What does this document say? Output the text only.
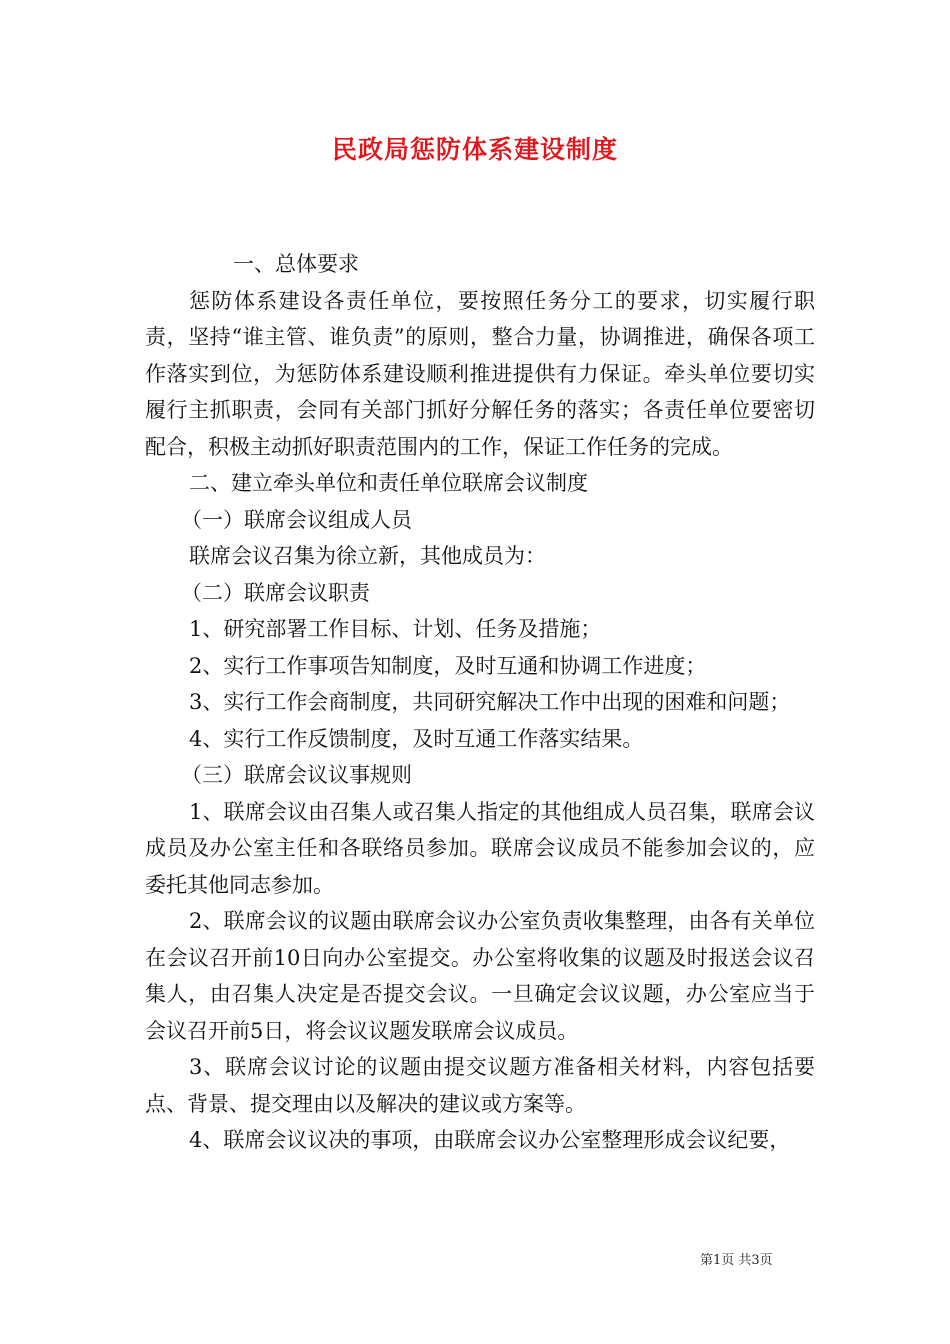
民政局惩防体系建设制度

一、总体要求

惩防体系建设各责任单位，要按照任务分工的要求，切实履行职责，坚持“谁主管、谁负责”的原则，整合力量，协调推进，确保各项工作落实到位，为惩防体系建设顺利推进提供有力保证。牵头单位要切实履行主抓职责，会同有关部门抓好分解任务的落实；各责任单位要密切配合，积极主动抓好职责范围内的工作，保证工作任务的完成。

二、建立牵头单位和责任单位联席会议制度

（一）联席会议组成人员

联席会议召集为徐立新，其他成员为：

（二）联席会议职责

1、研究部署工作目标、计划、任务及措施；

2、实行工作事项告知制度，及时互通和协调工作进度；

3、实行工作会商制度，共同研究解决工作中出现的困难和问题；

4、实行工作反馈制度，及时互通工作落实结果。

（三）联席会议议事规则

1、联席会议由召集人或召集人指定的其他组成人员召集，联席会议成员及办公室主任和各联络员参加。联席会议成员不能参加会议的，应委托其他同志参加。

2、联席会议的议题由联席会议办公室负责收集整理，由各有关单位在会议召开前10日向办公室提交。办公室将收集的议题及时报送会议召集人，由召集人决定是否提交会议。一旦确定会议议题，办公室应当于会议召开前5日，将会议议题发联席会议成员。

3、联席会议讨论的议题由提交议题方准备相关材料，内容包括要点、背景、提交理由以及解决的建议或方案等。

4、联席会议议决的事项，由联席会议办公室整理形成会议纪要，

第1页 共3页
